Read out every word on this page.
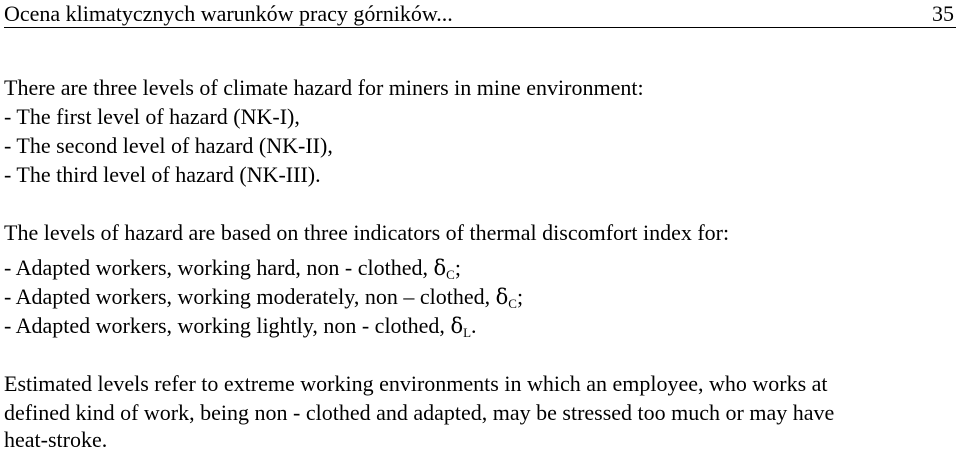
Ocena klimatycznych warunków pracy górników...	35
There are three levels of climate hazard for miners in mine environment:
- The first level of hazard (NK-I),
- The second level of hazard (NK-II),
- The third level of hazard (NK-III).
The levels of hazard are based on three indicators of thermal discomfort index for:
- Adapted workers, working hard, non - clothed, $\delta_C$;
- Adapted workers, working moderately, non – clothed, $\delta_C$;
- Adapted workers, working lightly, non - clothed, $\delta_L$.
Estimated levels refer to extreme working environments in which an employee, who works at
defined kind of work, being non - clothed and adapted, may be stressed too much or may have
heat-stroke.
